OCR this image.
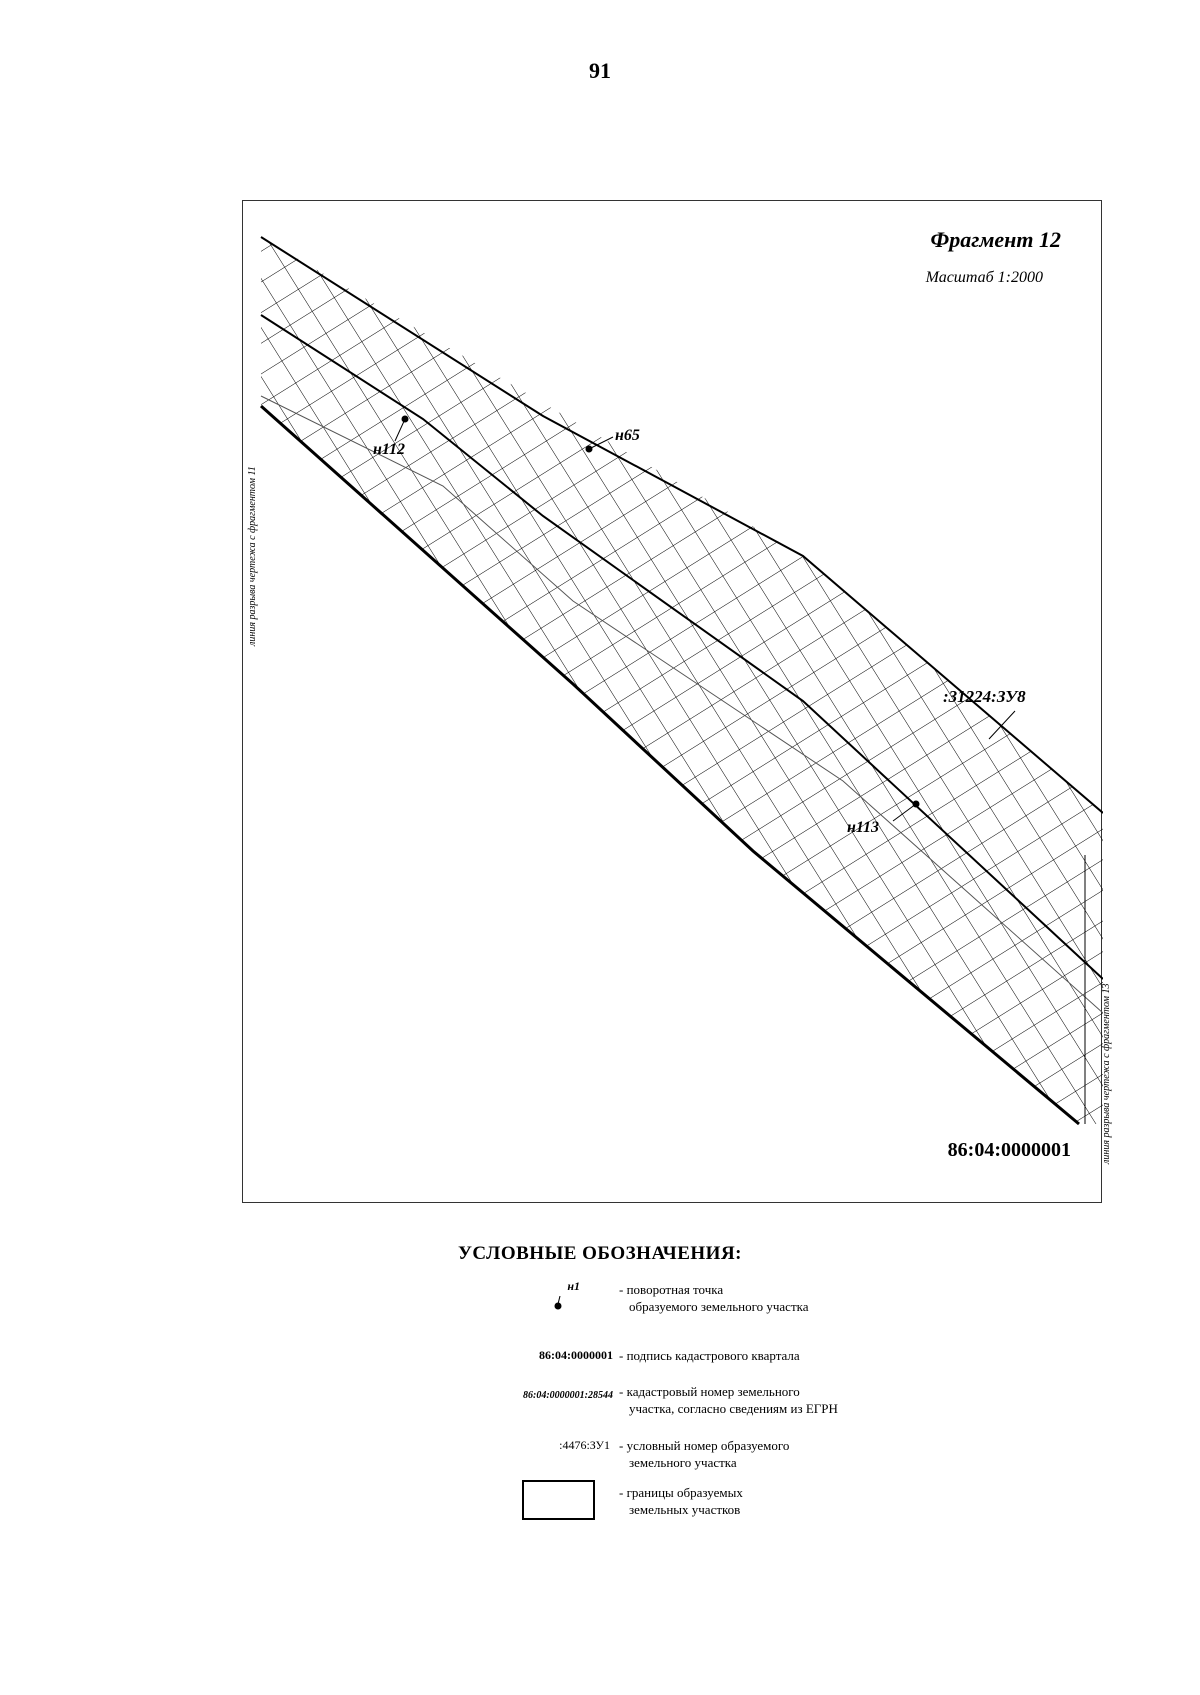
91
линия разрыва чертежа с фрагментом 11
линия разрыва чертежа с фрагментом 13
Фрагмент 12
Масштаб 1:2000
н112
н65
н113
:31224:ЗУ8
86:04:0000001
УСЛОВНЫЕ ОБОЗНАЧЕНИЯ:
н1	- поворотная точка
образуемого земельного участка
86:04:0000001 - подпись кадастрового квартала
86:04:0000001:28544 - кадастровый номер земельного
участка, согласно сведениям из ЕГРН
:4476:ЗУ1 - условный номер образуемого
земельного участка
- границы образуемых
земельных участков
